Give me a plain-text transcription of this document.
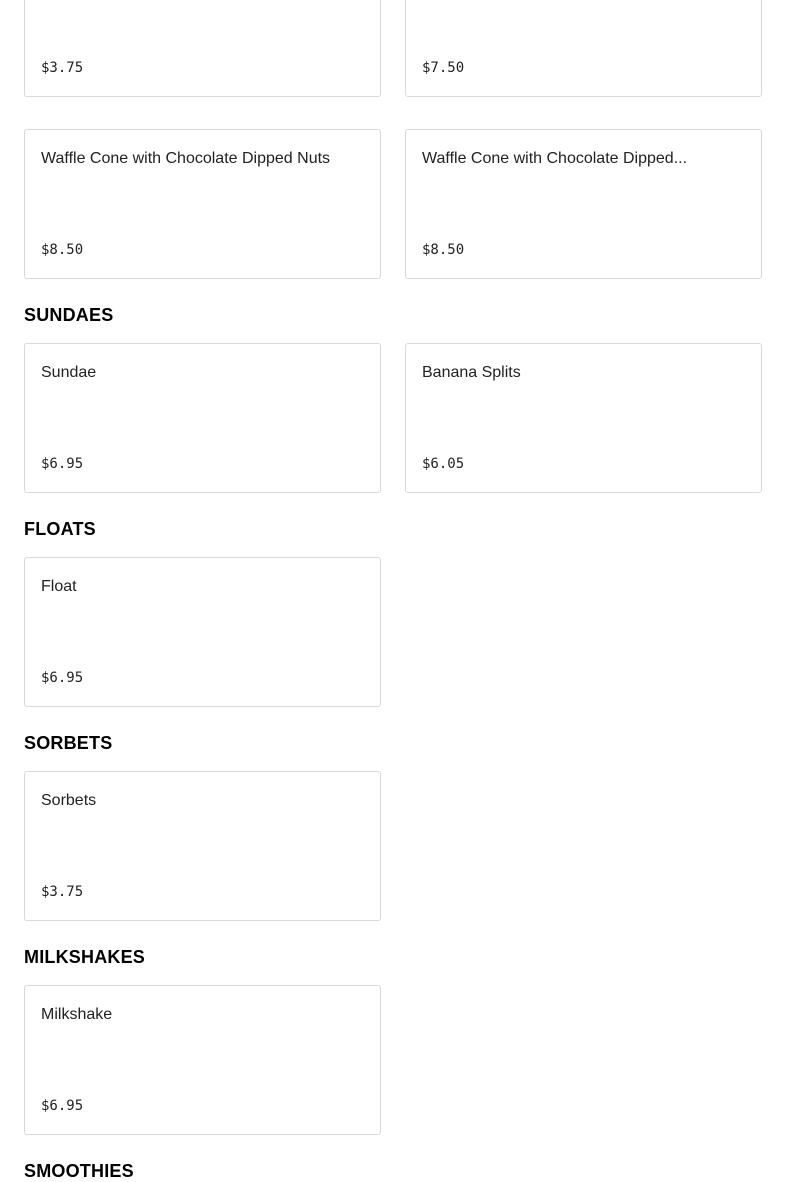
$3.75	$7.50
Waffle Cone with Chocolate Dipped Nuts
$8.50
Waffle Cone with Chocolate Dipped...
$8.50
SUNDAES
Sundae
$6.95
Banana Splits
$6.05
FLOATS
Float
$6.95
SORBETS
Sorbets
$3.75
MILKSHAKES
Milkshake
$6.95
SMOOTHIES
